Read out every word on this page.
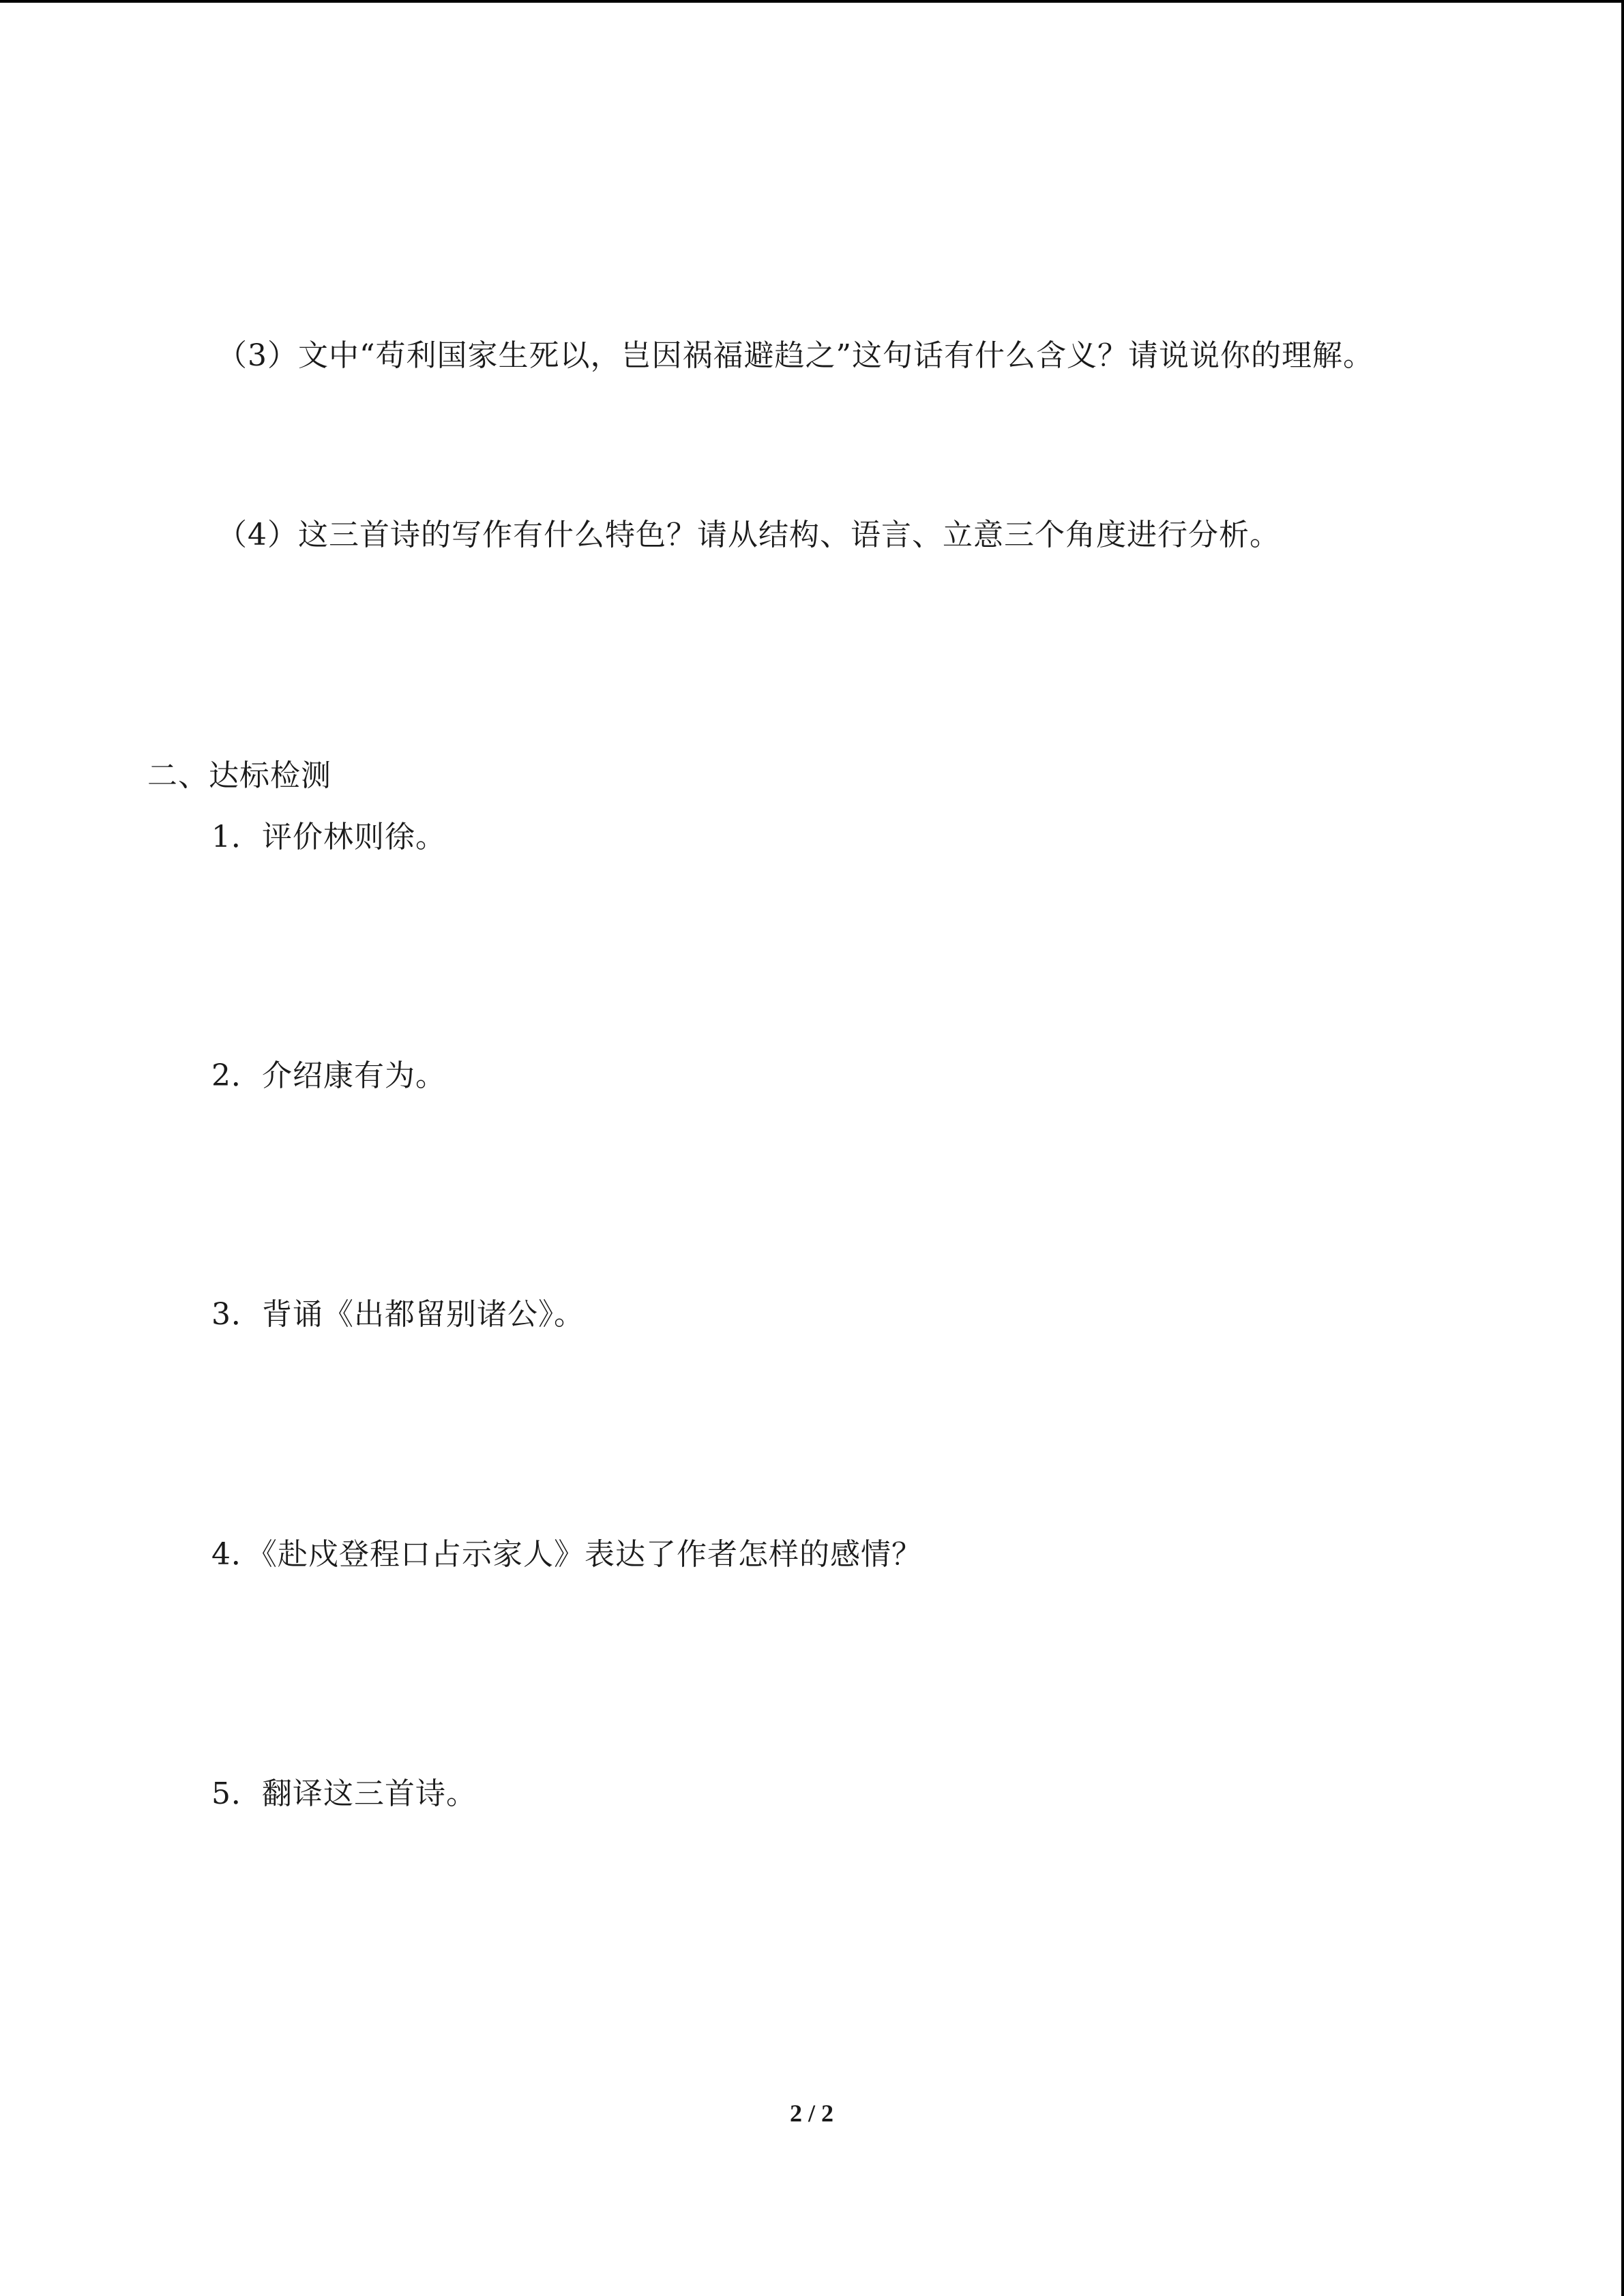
（3）文中“苟利国家生死以，岂因祸福避趋之”这句话有什么含义？请说说你的理解。
（4）这三首诗的写作有什么特色？请从结构、语言、立意三个角度进行分析。
二、达标检测
1．评价林则徐。
2．介绍康有为。
3．背诵《出都留别诸公》。
4．《赴戍登程口占示家人》表达了作者怎样的感情？
5．翻译这三首诗。
2 / 2
